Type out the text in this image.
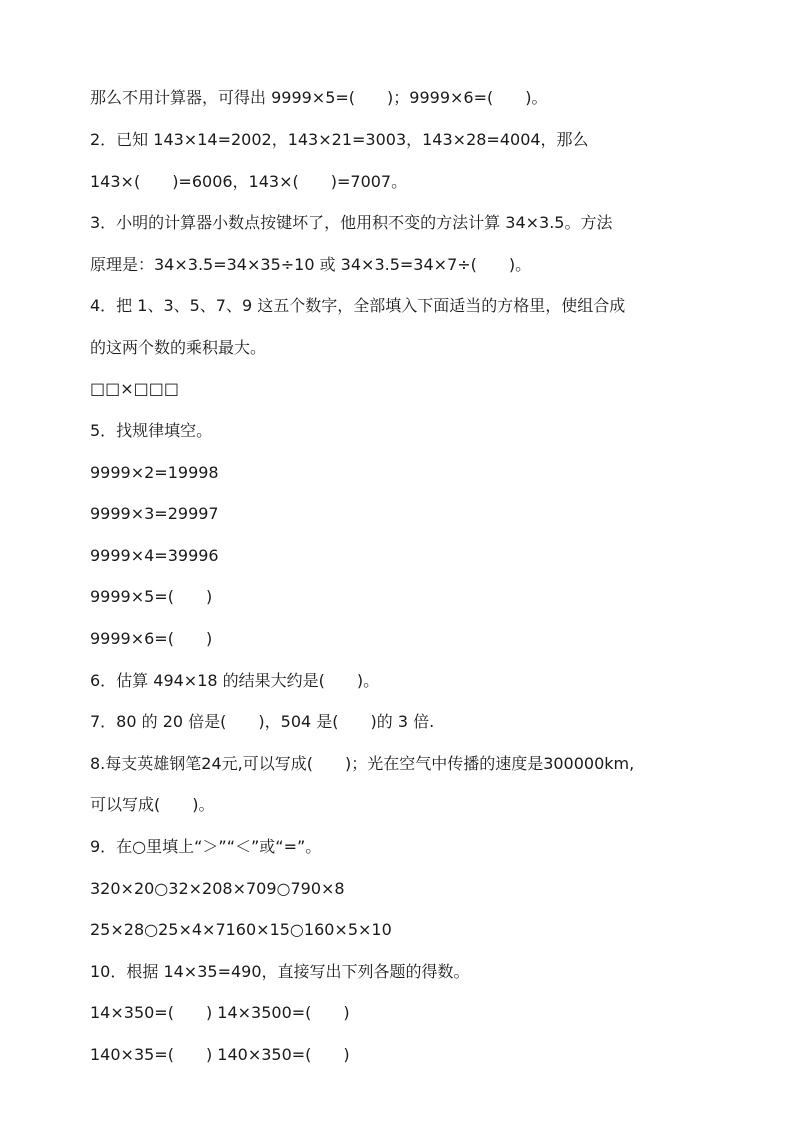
那么不用计算器，可得出 9999×5=(　　)；9999×6=(　　)。
2．已知 143×14=2002，143×21=3003，143×28=4004，那么
143×(　　)=6006，143×(　　)=7007。
3．小明的计算器小数点按键坏了，他用积不变的方法计算 34×3.5。方法
原理是：34×3.5=34×35÷10 或 34×3.5=34×7÷(　　)。
4．把 1、3、5、7、9 这五个数字，全部填入下面适当的方格里，使组合成
的这两个数的乘积最大。
□□×□□□
5．找规律填空。
9999×2=19998
9999×3=29997
9999×4=39996
9999×5=(　　)
9999×6=(　　)
6．估算 494×18 的结果大约是(　　)。
7．80 的 20 倍是(　　)，504 是(　　)的 3 倍.
8.每支英雄钢笔24元,可以写成(　　)；光在空气中传播的速度是300000km,
可以写成(　　)。
9．在○里填上“＞”“＜”或“=”。
320×20○32×208×709○790×8
25×28○25×4×7160×15○160×5×10
10．根据 14×35=490，直接写出下列各题的得数。
14×350=(　　) 14×3500=(　　)
140×35=(　　) 140×350=(　　)
